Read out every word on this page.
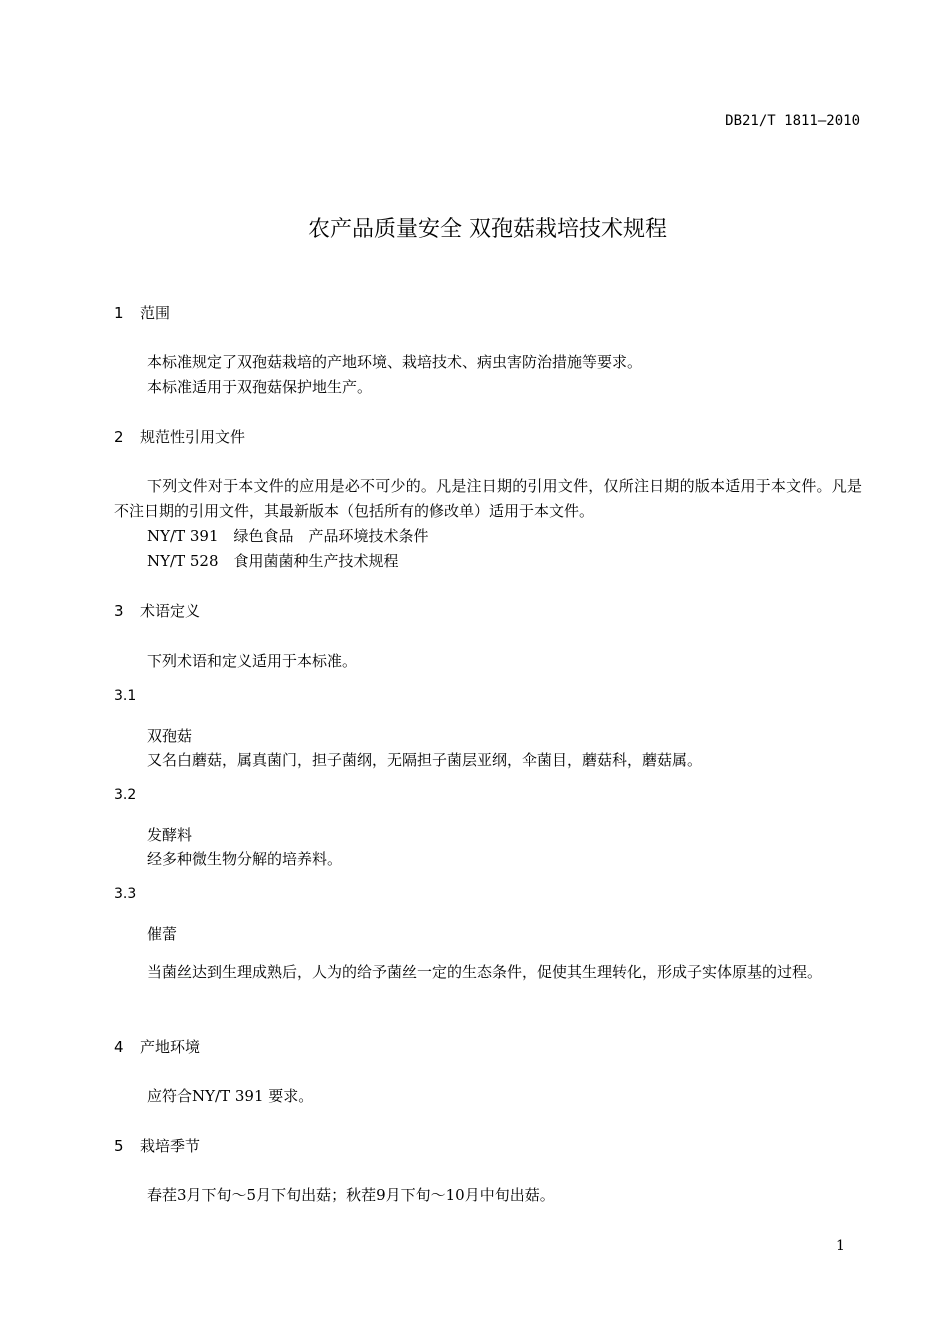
DB21/T 1811—2010
农产品质量安全 双孢菇栽培技术规程
1 范围
本标准规定了双孢菇栽培的产地环境、栽培技术、病虫害防治措施等要求。
本标准适用于双孢菇保护地生产。
2 规范性引用文件
下列文件对于本文件的应用是必不可少的。凡是注日期的引用文件，仅所注日期的版本适用于本文件。凡是不注日期的引用文件，其最新版本（包括所有的修改单）适用于本文件。
NY/T 391　绿色食品　产品环境技术条件
NY/T 528　食用菌菌种生产技术规程
3 术语定义
下列术语和定义适用于本标准。
3.1
双孢菇
又名白蘑菇，属真菌门，担子菌纲，无隔担子菌层亚纲，伞菌目，蘑菇科，蘑菇属。
3.2
发酵料
经多种微生物分解的培养料。
3.3
催蕾
当菌丝达到生理成熟后，人为的给予菌丝一定的生态条件，促使其生理转化，形成子实体原基的过程。
4 产地环境
应符合NY/T 391 要求。
5 栽培季节
春茬3月下旬～5月下旬出菇；秋茬9月下旬～10月中旬出菇。
1
